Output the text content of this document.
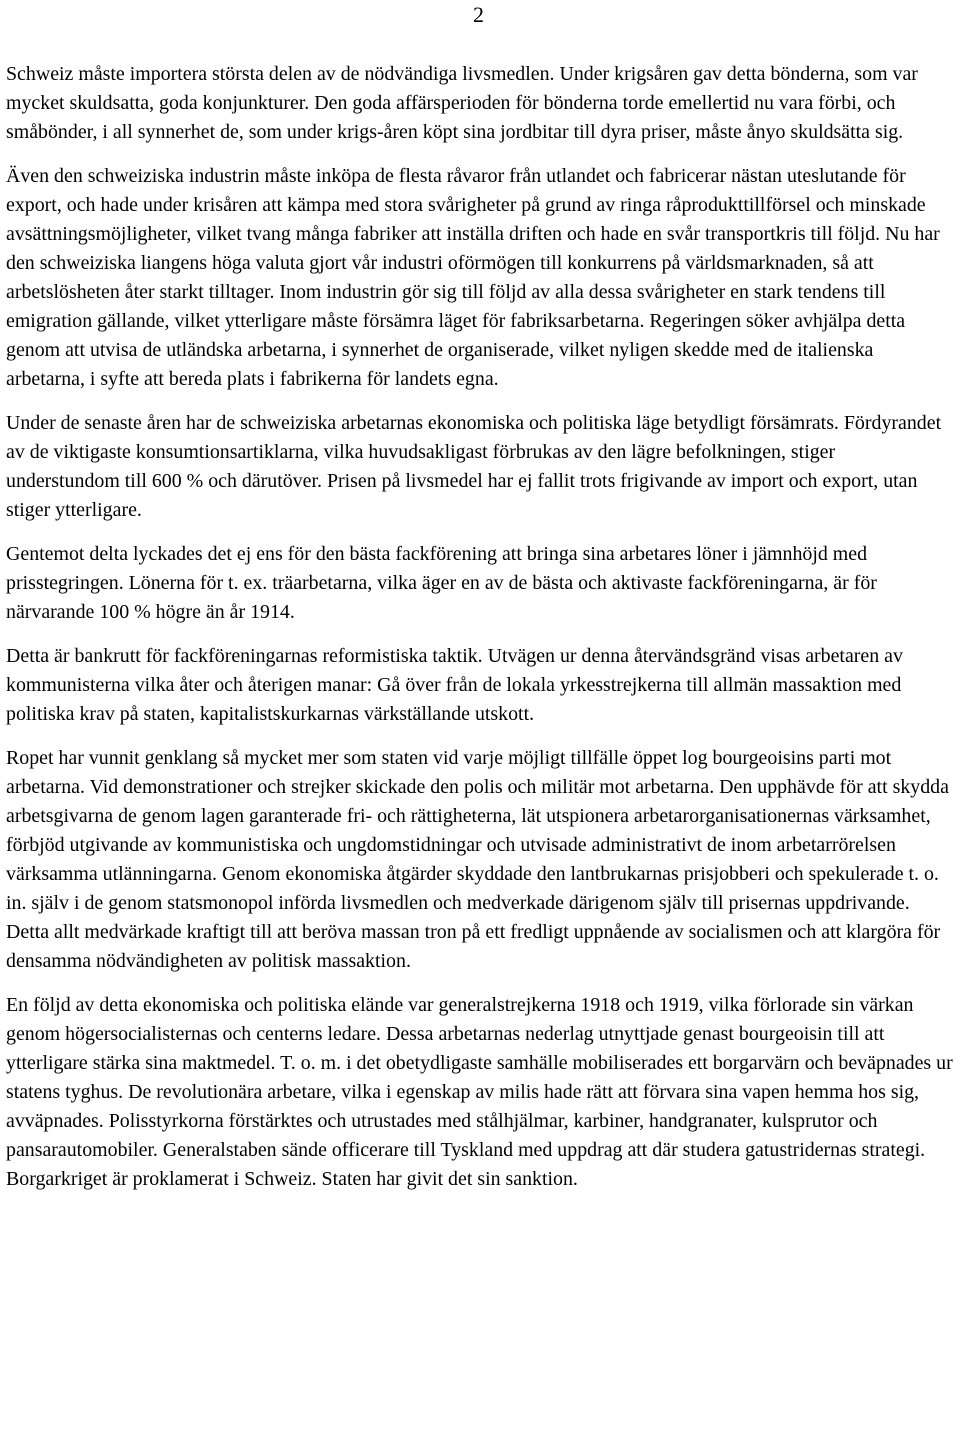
2

Schweiz måste importera största delen av de nödvändiga livsmedlen. Under krigsåren gav detta bönderna, som var mycket skuldsatta, goda konjunkturer. Den goda affärsperioden för bönderna torde emellertid nu vara förbi, och småbönder, i all synnerhet de, som under krigs-åren köpt sina jordbitar till dyra priser, måste ånyo skuldsätta sig.

Även den schweiziska industrin måste inköpa de flesta råvaror från utlandet och fabricerar nästan uteslutande för export, och hade under krisåren att kämpa med stora svårigheter på grund av ringa råprodukttillförsel och minskade avsättningsmöjligheter, vilket tvang många fabriker att inställa driften och hade en svår transportkris till följd. Nu har den schweiziska liangens höga valuta gjort vår industri oförmögen till konkurrens på världsmarknaden, så att arbetslösheten åter starkt tilltager. Inom industrin gör sig till följd av alla dessa svårigheter en stark tendens till emigration gällande, vilket ytterligare måste försämra läget för fabriksarbetarna. Regeringen söker avhjälpa detta genom att utvisa de utländska arbetarna, i synnerhet de organiserade, vilket nyligen skedde med de italienska arbetarna, i syfte att bereda plats i fabrikerna för landets egna.

Under de senaste åren har de schweiziska arbetarnas ekonomiska och politiska läge betydligt försämrats. Fördyrandet av de viktigaste konsumtionsartiklarna, vilka huvudsakligast förbrukas av den lägre befolkningen, stiger understundom till 600 % och därutöver. Prisen på livsmedel har ej fallit trots frigivande av import och export, utan stiger ytterligare.

Gentemot delta lyckades det ej ens för den bästa fackförening att bringa sina arbetares löner i jämnhöjd med prisstegringen. Lönerna för t. ex. träarbetarna, vilka äger en av de bästa och aktivaste fackföreningarna, är för närvarande 100 % högre än år 1914.

Detta är bankrutt för fackföreningarnas reformistiska taktik. Utvägen ur denna återvändsgränd visas arbetaren av kommunisterna vilka åter och återigen manar: Gå över från de lokala yrkesstrejkerna till allmän massaktion med politiska krav på staten, kapitalistskurkarnas värkställande utskott.

Ropet har vunnit genklang så mycket mer som staten vid varje möjligt tillfälle öppet log bourgeoisins parti mot arbetarna. Vid demonstrationer och strejker skickade den polis och militär mot arbetarna. Den upphävde för att skydda arbetsgivarna de genom lagen garanterade fri- och rättigheterna, lät utspionera arbetarorganisationernas värksamhet, förbjöd utgivande av kommunistiska och ungdomstidningar och utvisade administrativt de inom arbetarrörelsen värksamma utlänningarna. Genom ekonomiska åtgärder skyddade den lantbrukarnas prisjobberi och spekulerade t. o. in. själv i de genom statsmonopol införda livsmedlen och medverkade därigenom själv till prisernas uppdrivande. Detta allt medvärkade kraftigt till att beröva massan tron på ett fredligt uppnående av socialismen och att klargöra för densamma nödvändigheten av politisk massaktion.

En följd av detta ekonomiska och politiska elände var generalstrejkerna 1918 och 1919, vilka förlorade sin värkan genom högersocialisternas och centerns ledare. Dessa arbetarnas nederlag utnyttjade genast bourgeoisin till att ytterligare stärka sina maktmedel. T. o. m. i det obetydligaste samhälle mobiliserades ett borgarvärn och beväpnades ur statens tyghus. De revolutionära arbetare, vilka i egenskap av milis hade rätt att förvara sina vapen hemma hos sig, avväpnades. Polisstyrkorna förstärktes och utrustades med stålhjälmar, karbiner, handgranater, kulsprutor och pansarautomobiler. Generalstaben sände officerare till Tyskland med uppdrag att där studera gatustridernas strategi. Borgarkriget är proklamerat i Schweiz. Staten har givit det sin sanktion.
